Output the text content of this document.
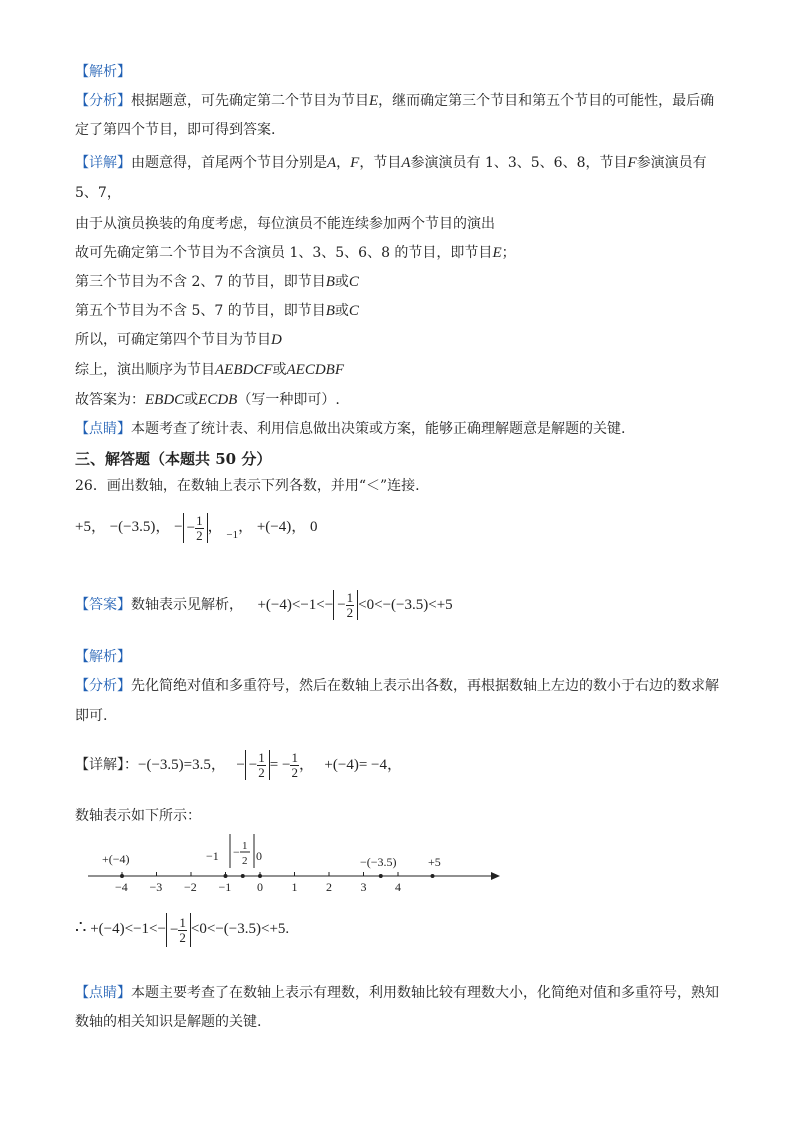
【解析】
【分析】根据题意，可先确定第二个节目为节目E，继而确定第三个节目和第五个节目的可能性，最后确
定了第四个节目，即可得到答案.
【详解】由题意得，首尾两个节目分别是A，F，节目A参演演员有 1、3、5、6、8，节目F参演演员有
5、7，
由于从演员换装的角度考虑，每位演员不能连续参加两个节目的演出
故可先确定第二个节目为不含演员 1、3、5、6、8 的节目，即节目E；
第三个节目为不含 2、7 的节目，即节目B或C
第五个节目为不含 5、7 的节目，即节目B或C
所以，可确定第四个节目为节目D
综上，演出顺序为节目AEBDCF或AECDBF
故答案为：EBDC或ECDB（写一种即可）.
【点睛】本题考查了统计表、利用信息做出决策或方案，能够正确理解题意是解题的关键.
三、解答题（本题共 50 分）
26．画出数轴，在数轴上表示下列各数，并用“＜”连接.
+5， −(−3.5)， − − $\frac{1}{2}$ ， $_{-1}$， +(−4)， 0
【答案】数轴表示见解析， $+(-4)<-1<- - \frac{1}{2} <0<-(-3.5)<+5$
【解析】
【分析】先化简绝对值和多重符号，然后在数轴上表示出各数，再根据数轴上左边的数小于右边的数求解
即可.
【详解】：−(−3.5)=3.5， − − $\frac{1}{2}$ = − $\frac{1}{2}$ ， +(−4)= −4，
数轴表示如下所示：
−4 −3 −2 −1 0 1 2 3 4
+(−4)	−1 − 1
2 0	−(−3.5)	+5
∴ $+(-4)<-1<- - \frac{1}{2} <0<-(-3.5)<+5$.
【点睛】本题主要考查了在数轴上表示有理数，利用数轴比较有理数大小，化简绝对值和多重符号，熟知
数轴的相关知识是解题的关键.
